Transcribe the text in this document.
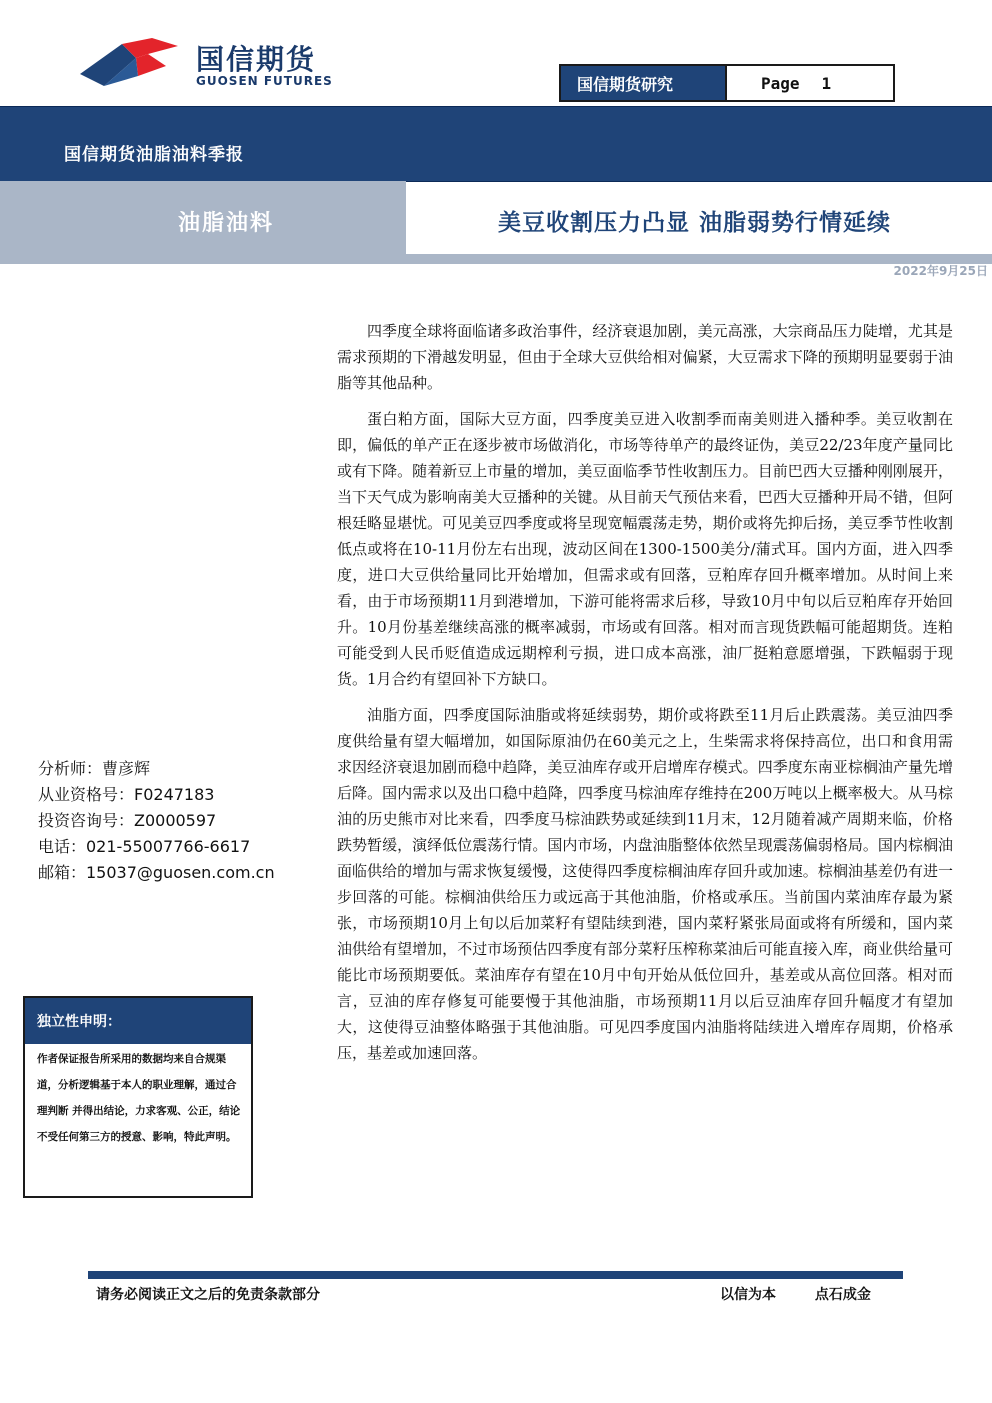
国信期货
GUOSEN FUTURES	国信期货研究	Page 1
国信期货油脂油料季报
油脂油料	美豆收割压力凸显 油脂弱势行情延续
2022年9月25日

四季度全球将面临诸多政治事件，经济衰退加剧，美元高涨，大宗商品压力陡增，尤其是需求预期的下滑越发明显，但由于全球大豆供给相对偏紧，大豆需求下降的预期明显要弱于油脂等其他品种。

蛋白粕方面，国际大豆方面，四季度美豆进入收割季而南美则进入播种季。美豆收割在即，偏低的单产正在逐步被市场做消化，市场等待单产的最终证伪，美豆22/23年度产量同比或有下降。随着新豆上市量的增加，美豆面临季节性收割压力。目前巴西大豆播种刚刚展开，当下天气成为影响南美大豆播种的关键。从目前天气预估来看，巴西大豆播种开局不错，但阿根廷略显堪忧。可见美豆四季度或将呈现宽幅震荡走势，期价或将先抑后扬，美豆季节性收割低点或将在10-11月份左右出现，波动区间在1300-1500美分/蒲式耳。国内方面，进入四季度，进口大豆供给量同比开始增加，但需求或有回落，豆粕库存回升概率增加。从时间上来看，由于市场预期11月到港增加，下游可能将需求后移，导致10月中旬以后豆粕库存开始回升。10月份基差继续高涨的概率减弱，市场或有回落。相对而言现货跌幅可能超期货。连粕可能受到人民币贬值造成远期榨利亏损，进口成本高涨，油厂挺粕意愿增强，下跌幅弱于现货。1月合约有望回补下方缺口。

油脂方面，四季度国际油脂或将延续弱势，期价或将跌至11月后止跌震荡。美豆油四季度供给量有望大幅增加，如国际原油仍在60美元之上，生柴需求将保持高位，出口和食用需求因经济衰退加剧而稳中趋降，美豆油库存或开启增库存模式。四季度东南亚棕榈油产量先增后降。国内需求以及出口稳中趋降，四季度马棕油库存维持在200万吨以上概率极大。从马棕油的历史熊市对比来看，四季度马棕油跌势或延续到11月末，12月随着减产周期来临，价格跌势暂缓，演绎低位震荡行情。国内市场，内盘油脂整体依然呈现震荡偏弱格局。国内棕榈油面临供给的增加与需求恢复缓慢，这使得四季度棕榈油库存回升或加速。棕榈油基差仍有进一步回落的可能。棕榈油供给压力或远高于其他油脂，价格或承压。当前国内菜油库存最为紧张，市场预期10月上旬以后加菜籽有望陆续到港，国内菜籽紧张局面或将有所缓和，国内菜油供给有望增加，不过市场预估四季度有部分菜籽压榨称菜油后可能直接入库，商业供给量可能比市场预期要低。菜油库存有望在10月中旬开始从低位回升，基差或从高位回落。相对而言，豆油的库存修复可能要慢于其他油脂，市场预期11月以后豆油库存回升幅度才有望加大，这使得豆油整体略强于其他油脂。可见四季度国内油脂将陆续进入增库存周期，价格承压，基差或加速回落。

分析师：曹彦辉
从业资格号：F0247183
投资咨询号：Z0000597
电话：021-55007766-6617
邮箱：15037@guosen.com.cn
独立性申明：
作者保证报告所采用的数据均来自合规渠道，分析逻辑基于本人的职业理解，通过合理判断 并得出结论，力求客观、公正，结论不受任何第三方的授意、影响，特此声明。
请务必阅读正文之后的免责条款部分	以信为本	点石成金
